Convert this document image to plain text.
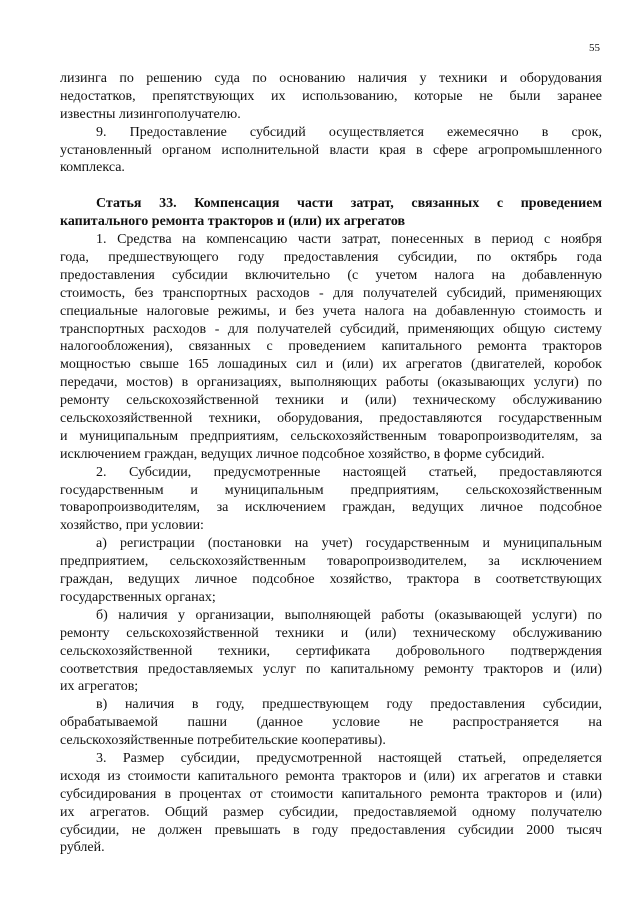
55
лизинга по решению суда по основанию наличия у техники и оборудования
недостатков, препятствующих их использованию, которые не были заранее
известны лизингополучателю.
9. Предоставление субсидий осуществляется ежемесячно в срок,
установленный органом исполнительной власти края в сфере агропромышленного
комплекса.
Статья 33. Компенсация части затрат, связанных с проведением
капитального ремонта тракторов и (или) их агрегатов
1. Средства на компенсацию части затрат, понесенных в период с ноября
года, предшествующего году предоставления субсидии, по октябрь года
предоставления субсидии включительно (с учетом налога на добавленную
стоимость, без транспортных расходов - для получателей субсидий, применяющих
специальные налоговые режимы, и без учета налога на добавленную стоимость и
транспортных расходов - для получателей субсидий, применяющих общую систему
налогообложения), связанных с проведением капитального ремонта тракторов
мощностью свыше 165 лошадиных сил и (или) их агрегатов (двигателей, коробок
передачи, мостов) в организациях, выполняющих работы (оказывающих услуги) по
ремонту сельскохозяйственной техники и (или) техническому обслуживанию
сельскохозяйственной техники, оборудования, предоставляются государственным
и муниципальным предприятиям, сельскохозяйственным товаропроизводителям, за
исключением граждан, ведущих личное подсобное хозяйство, в форме субсидий.
2. Субсидии, предусмотренные настоящей статьей, предоставляются
государственным и муниципальным предприятиям, сельскохозяйственным
товаропроизводителям, за исключением граждан, ведущих личное подсобное
хозяйство, при условии:
а) регистрации (постановки на учет) государственным и муниципальным
предприятием, сельскохозяйственным товаропроизводителем, за исключением
граждан, ведущих личное подсобное хозяйство, трактора в соответствующих
государственных органах;
б) наличия у организации, выполняющей работы (оказывающей услуги) по
ремонту сельскохозяйственной техники и (или) техническому обслуживанию
сельскохозяйственной техники, сертификата добровольного подтверждения
соответствия предоставляемых услуг по капитальному ремонту тракторов и (или)
их агрегатов;
в) наличия в году, предшествующем году предоставления субсидии,
обрабатываемой пашни (данное условие не распространяется на
сельскохозяйственные потребительские кооперативы).
3. Размер субсидии, предусмотренной настоящей статьей, определяется
исходя из стоимости капитального ремонта тракторов и (или) их агрегатов и ставки
субсидирования в процентах от стоимости капитального ремонта тракторов и (или)
их агрегатов. Общий размер субсидии, предоставляемой одному получателю
субсидии, не должен превышать в году предоставления субсидии 2000 тысяч
рублей.
